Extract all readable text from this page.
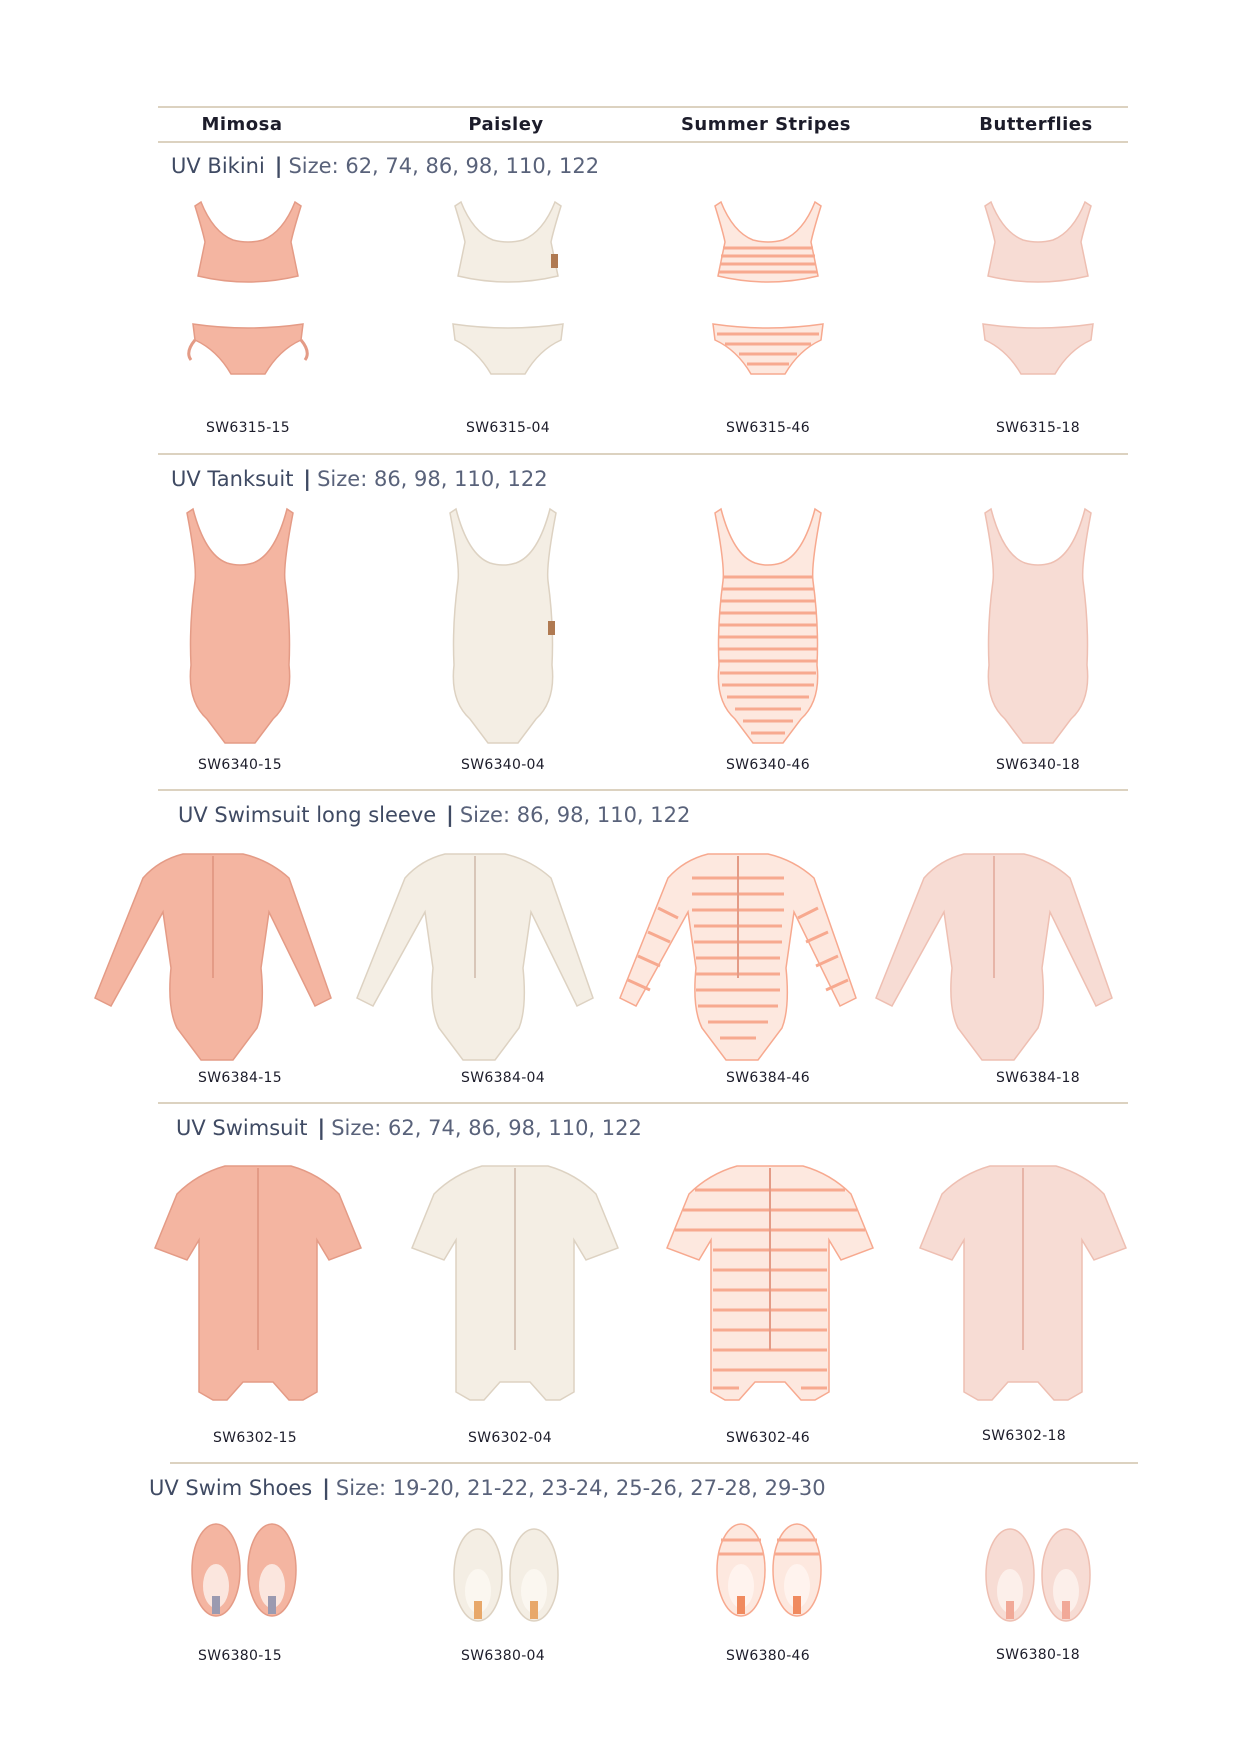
Mimosa	Paisley	Summer Stripes	Butterflies
UV Bikini | Size: 62, 74, 86, 98, 110, 122
SW6315-15	SW6315-04	SW6315-46	SW6315-18
UV Tanksuit | Size: 86, 98, 110, 122
SW6340-15	SW6340-04	SW6340-46	SW6340-18
UV Swimsuit long sleeve | Size: 86, 98, 110, 122
SW6384-15	SW6384-04	SW6384-46	SW6384-18
UV Swimsuit | Size: 62, 74, 86, 98, 110, 122
SW6302-15	SW6302-04	SW6302-46	SW6302-18
UV Swim Shoes | Size: 19-20, 21-22, 23-24, 25-26, 27-28, 29-30
SW6380-15	SW6380-04	SW6380-46	SW6380-18
